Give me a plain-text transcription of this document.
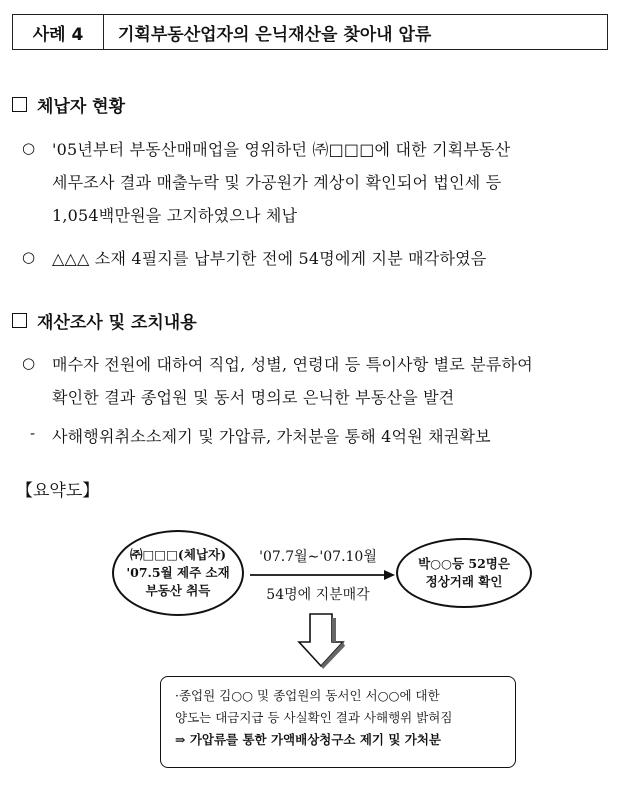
사례 4	기획부동산업자의 은닉재산을 찾아내 압류
체납자 현황
○ '05년부터 부동산매매업을 영위하던 ㈜□□□에 대한 기획부동산
세무조사 결과 매출누락 및 가공원가 계상이 확인되어 법인세 등
1,054백만원을 고지하였으나 체납
○ △△△ 소재 4필지를 납부기한 전에 54명에게 지분 매각하였음
재산조사 및 조치내용
○ 매수자 전원에 대하여 직업, 성별, 연령대 등 특이사항 별로 분류하여
확인한 결과 종업원 및 동서 명의로 은닉한 부동산을 발견
- 사해행위취소소제기 및 가압류, 가처분을 통해 4억원 채권확보
【요약도】
㈜□□□(체납자)
'07.5월 제주 소재
부동산 취득
'07.7월∼'07.10월
54명에 지분매각
박○○등 52명은
정상거래 확인
·종업원 김○○ 및 종업원의 동서인 서○○에 대한
양도는 대금지급 등 사실확인 결과 사해행위 밝혀짐
⇒ 가압류를 통한 가액배상청구소 제기 및 가처분
